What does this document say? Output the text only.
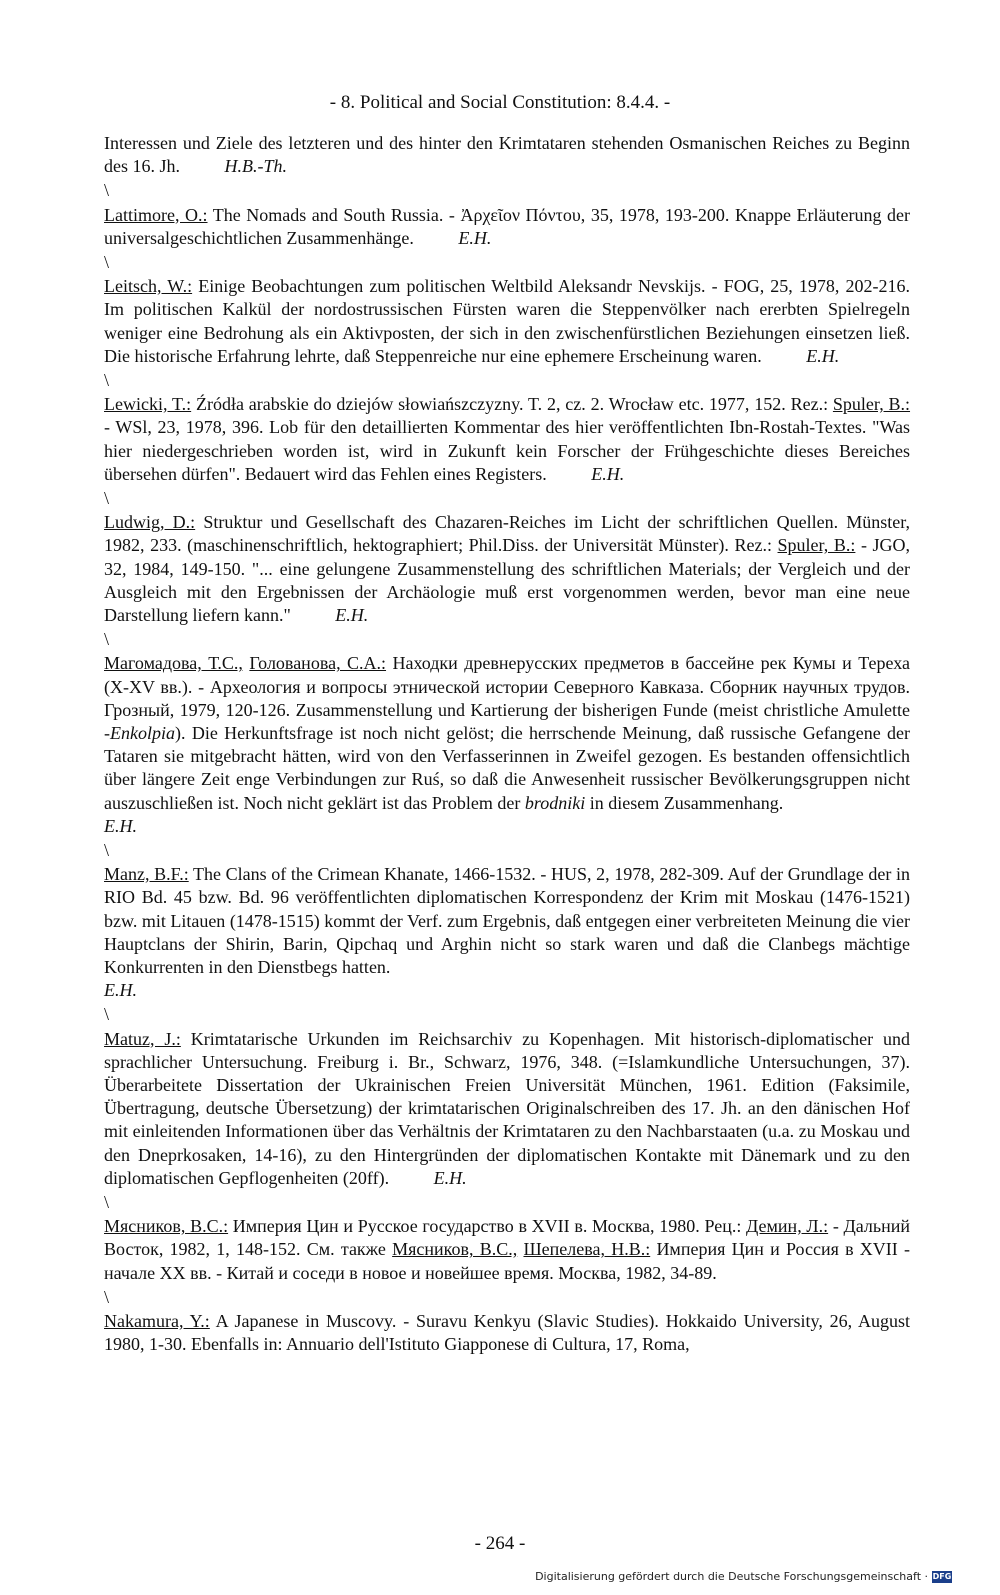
- 8. Political and Social Constitution: 8.4.4. -
Interessen und Ziele des letzteren und des hinter den Krimtataren stehenden Osmanischen Reiches zu Beginn des 16. Jh. H.B.-Th.
\
Lattimore, O.: The Nomads and South Russia. - Ἀρχεῖον Πόντου, 35, 1978, 193-200. Knappe Erläuterung der universalgeschichtlichen Zusammenhänge. E.H.
\
Leitsch, W.: Einige Beobachtungen zum politischen Weltbild Aleksandr Nevskijs. - FOG, 25, 1978, 202-216. Im politischen Kalkül der nordostrussischen Fürsten waren die Steppenvölker nach ererbten Spielregeln weniger eine Bedrohung als ein Aktivposten, der sich in den zwischenfürstlichen Beziehungen einsetzen ließ. Die historische Erfahrung lehrte, daß Steppenreiche nur eine ephemere Erscheinung waren. E.H.
\
Lewicki, T.: Źródła arabskie do dziejów słowiańszczyzny. T. 2, cz. 2. Wrocław etc. 1977, 152. Rez.: Spuler, B.: - WSl, 23, 1978, 396. Lob für den detaillierten Kommentar des hier veröffentlichten Ibn-Rostah-Textes. "Was hier niedergeschrieben worden ist, wird in Zukunft kein Forscher der Frühgeschichte dieses Bereiches übersehen dürfen". Bedauert wird das Fehlen eines Registers. E.H.
\
Ludwig, D.: Struktur und Gesellschaft des Chazaren-Reiches im Licht der schriftlichen Quellen. Münster, 1982, 233. (maschinenschriftlich, hektographiert; Phil.Diss. der Universität Münster). Rez.: Spuler, B.: - JGO, 32, 1984, 149-150. "... eine gelungene Zusammenstellung des schriftlichen Materials; der Vergleich und der Ausgleich mit den Ergebnissen der Archäologie muß erst vorgenommen werden, bevor man eine neue Darstellung liefern kann." E.H.
\
Магомадова, Т.С., Голованова, С.А.: Находки древнерусских предметов в бассейне рек Кумы и Тереха (X-XV вв.). - Археология и вопросы этнической истории Северного Кавказа. Сборник научных трудов. Грозный, 1979, 120-126. Zusammenstellung und Kartierung der bisherigen Funde (meist christliche Amulette -Enkolpia). Die Herkunftsfrage ist noch nicht gelöst; die herrschende Meinung, daß russische Gefangene der Tataren sie mitgebracht hätten, wird von den Verfasserinnen in Zweifel gezogen. Es bestanden offensichtlich über längere Zeit enge Verbindungen zur Ruś, so daß die Anwesenheit russischer Bevölkerungsgruppen nicht auszuschließen ist. Noch nicht geklärt ist das Problem der brodniki in diesem Zusammenhang.
E.H.
\
Manz, B.F.: The Clans of the Crimean Khanate, 1466-1532. - HUS, 2, 1978, 282-309. Auf der Grundlage der in RIO Bd. 45 bzw. Bd. 96 veröffentlichten diplomatischen Korrespondenz der Krim mit Moskau (1476-1521) bzw. mit Litauen (1478-1515) kommt der Verf. zum Ergebnis, daß entgegen einer verbreiteten Meinung die vier Hauptclans der Shirin, Barin, Qipchaq und Arghin nicht so stark waren und daß die Clanbegs mächtige Konkurrenten in den Dienstbegs hatten.
E.H.
\
Matuz, J.: Krimtatarische Urkunden im Reichsarchiv zu Kopenhagen. Mit historisch-diplomatischer und sprachlicher Untersuchung. Freiburg i. Br., Schwarz, 1976, 348. (=Islamkundliche Untersuchungen, 37). Überarbeitete Dissertation der Ukrainischen Freien Universität München, 1961. Edition (Faksimile, Übertragung, deutsche Übersetzung) der krimtatarischen Originalschreiben des 17. Jh. an den dänischen Hof mit einleitenden Informationen über das Verhältnis der Krimtataren zu den Nachbarstaaten (u.a. zu Moskau und den Dneprkosaken, 14-16), zu den Hintergründen der diplomatischen Kontakte mit Dänemark und zu den diplomatischen Gepflogenheiten (20ff). E.H.
\
Мясников, В.С.: Империя Цин и Русское государство в XVII в. Москва, 1980. Рец.: Демин, Л.: - Дальний Восток, 1982, 1, 148-152. См. также Мясников, В.С., Шепелева, Н.В.: Империя Цин и Россия в XVII - начале XX вв. - Китай и соседи в новое и новейшее время. Москва, 1982, 34-89.
\
Nakamura, Y.: A Japanese in Muscovy. - Suravu Kenkyu (Slavic Studies). Hokkaido University, 26, August 1980, 1-30. Ebenfalls in: Annuario dell'Istituto Giapponese di Cultura, 17, Roma,
- 264 -
Digitalisierung gefördert durch die Deutsche Forschungsgemeinschaft · DFG
